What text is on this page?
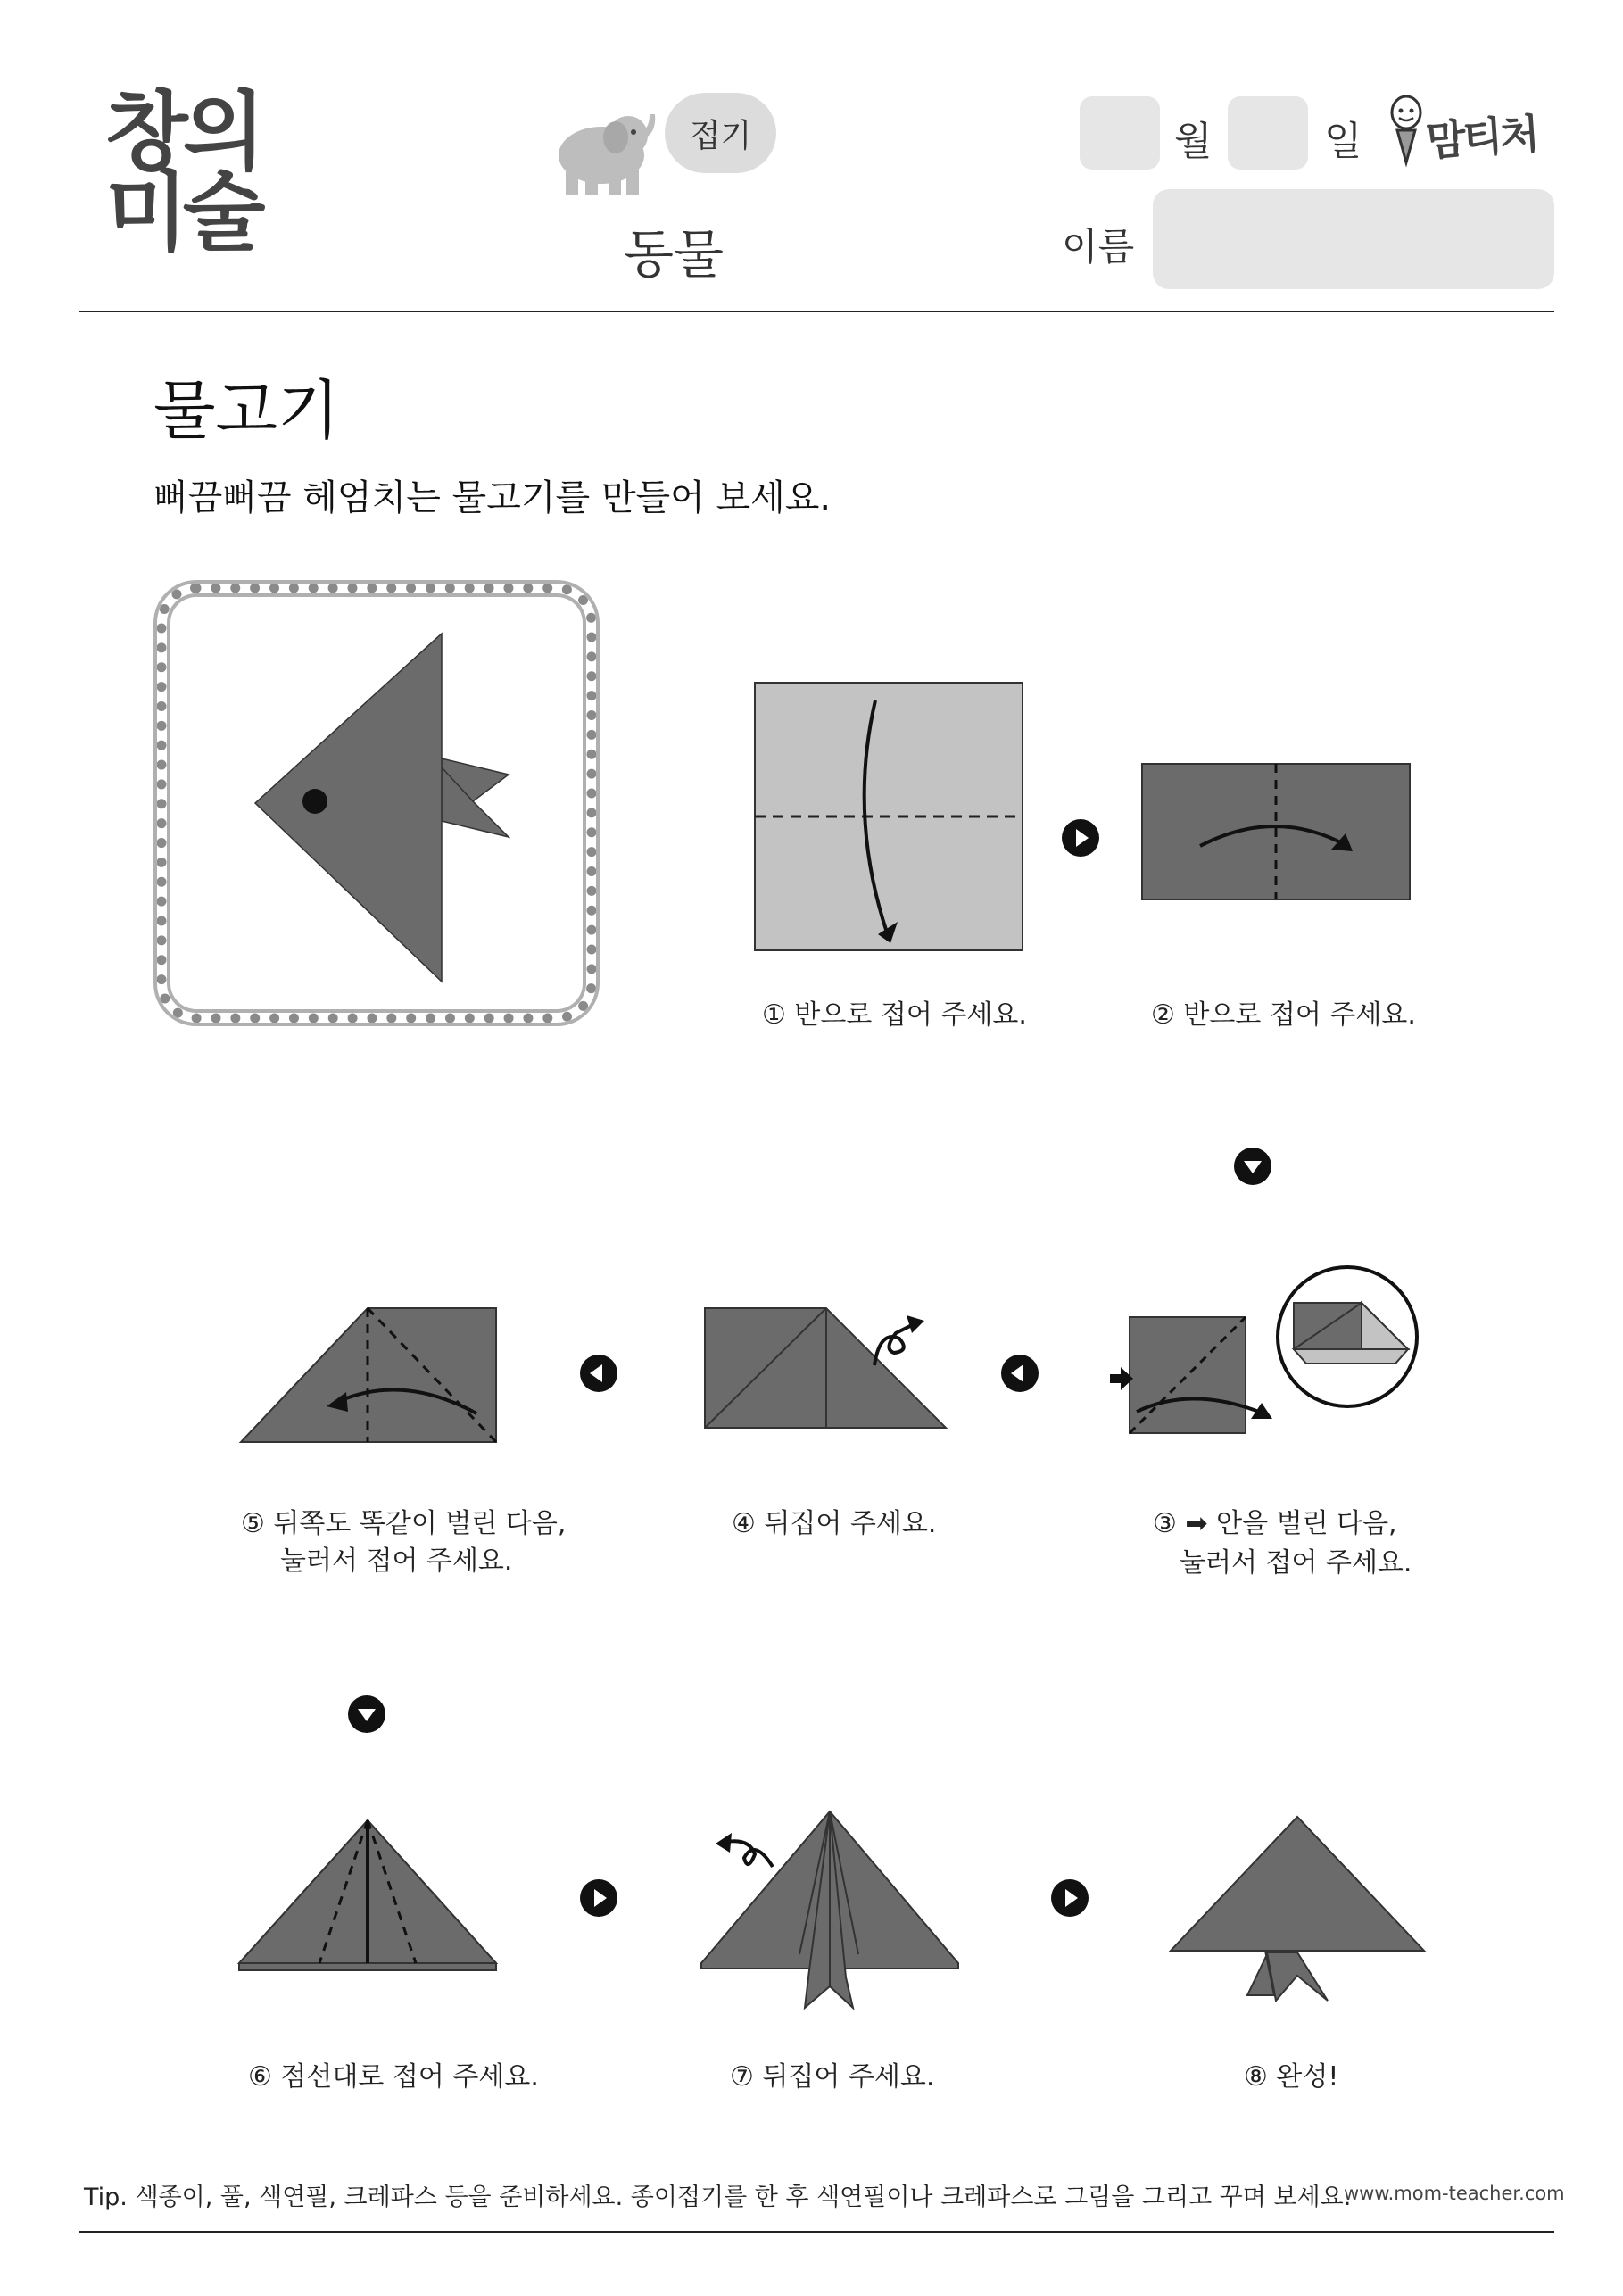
창의
미술
접기
동물
월	일 맘티처
이름
물고기
뻐끔뻐끔 헤엄치는 물고기를 만들어 보세요.
① 반으로 접어 주세요.	② 반으로 접어 주세요.
③ ➡ 안을 벌린 다음,
눌러서 접어 주세요.
④ 뒤집어 주세요.
⑤ 뒤쪽도 똑같이 벌린 다음,
눌러서 접어 주세요.
⑥ 점선대로 접어 주세요.	⑦ 뒤집어 주세요.	⑧ 완성!
Tip. 색종이, 풀, 색연필, 크레파스 등을 준비하세요. 종이접기를 한 후 색연필이나 크레파스로 그림을 그리고 꾸며 보세요.
www.mom-teacher.com
